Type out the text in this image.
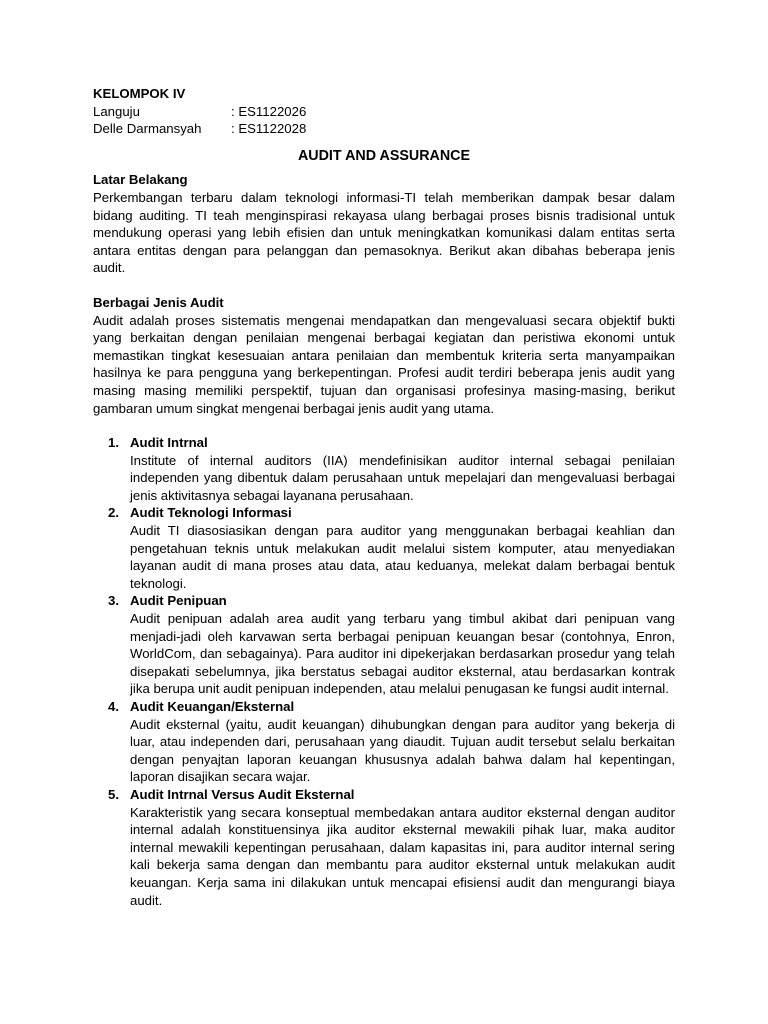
KELOMPOK IV
Languju	: ES1122026
Delle Darmansyah	: ES1122028
AUDIT AND ASSURANCE
Latar Belakang

Perkembangan terbaru dalam teknologi informasi-TI telah memberikan dampak besar dalam bidang auditing. TI teah menginspirasi rekayasa ulang berbagai proses bisnis tradisional untuk mendukung operasi yang lebih efisien dan untuk meningkatkan komunikasi dalam entitas serta antara entitas dengan para pelanggan dan pemasoknya. Berikut akan dibahas beberapa jenis audit.

Berbagai Jenis Audit

Audit adalah proses sistematis mengenai mendapatkan dan mengevaluasi secara objektif bukti yang berkaitan dengan penilaian mengenai berbagai kegiatan dan peristiwa ekonomi untuk memastikan tingkat kesesuaian antara penilaian dan membentuk kriteria serta manyampaikan hasilnya ke para pengguna yang berkepentingan. Profesi audit terdiri beberapa jenis audit yang masing masing memiliki perspektif, tujuan dan organisasi profesinya masing-masing, berikut gambaran umum singkat mengenai berbagai jenis audit yang utama.

1. Audit Intrnal

Institute of internal auditors (IIA) mendefinisikan auditor internal sebagai penilaian independen yang dibentuk dalam perusahaan untuk mepelajari dan mengevaluasi berbagai jenis aktivitasnya sebagai layanana perusahaan.

2. Audit Teknologi Informasi

Audit TI diasosiasikan dengan para auditor yang menggunakan berbagai keahlian dan pengetahuan teknis untuk melakukan audit melalui sistem komputer, atau menyediakan layanan audit di mana proses atau data, atau keduanya, melekat dalam berbagai bentuk teknologi.

3. Audit Penipuan

Audit penipuan adalah area audit yang terbaru yang timbul akibat dari penipuan vang menjadi-jadi oleh karvawan serta berbagai penipuan keuangan besar (contohnya, Enron, WorldCom, dan sebagainya). Para auditor ini dipekerjakan berdasarkan prosedur yang telah disepakati sebelumnya, jika berstatus sebagai auditor eksternal, atau berdasarkan kontrak jika berupa unit audit penipuan independen, atau melalui penugasan ke fungsi audit internal.

4. Audit Keuangan/Eksternal

Audit eksternal (yaitu, audit keuangan) dihubungkan dengan para auditor yang bekerja di luar, atau independen dari, perusahaan yang diaudit. Tujuan audit tersebut selalu berkaitan dengan penyajtan laporan keuangan khususnya adalah bahwa dalam hal kepentingan, laporan disajikan secara wajar.

5. Audit Intrnal Versus Audit Eksternal

Karakteristik yang secara konseptual membedakan antara auditor eksternal dengan auditor internal adalah konstituensinya jika auditor eksternal mewakili pihak luar, maka auditor internal mewakili kepentingan perusahaan, dalam kapasitas ini, para auditor internal sering kali bekerja sama dengan dan membantu para auditor eksternal untuk melakukan audit keuangan. Kerja sama ini dilakukan untuk mencapai efisiensi audit dan mengurangi biaya audit.
